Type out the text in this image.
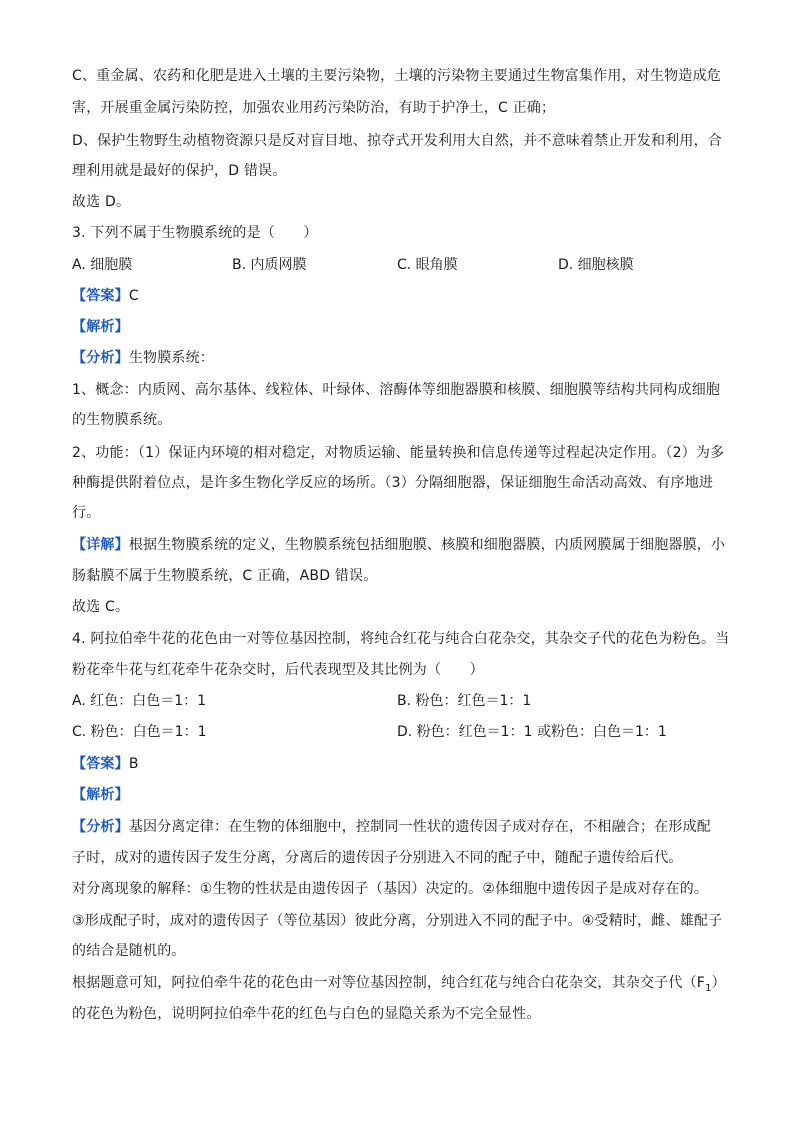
C、重金属、农药和化肥是进入土壤的主要污染物，土壤的污染物主要通过生物富集作用，对生物造成危
害，开展重金属污染防控，加强农业用药污染防治，有助于护净土，C 正确；
D、保护生物野生动植物资源只是反对盲目地、掠夺式开发利用大自然，并不意味着禁止开发和利用，合
理利用就是最好的保护，D 错误。
故选 D。
3. 下列不属于生物膜系统的是（　　）
A. 细胞膜	B. 内质网膜	C. 眼角膜	D. 细胞核膜
【答案】C
【解析】
【分析】生物膜系统：
1、概念：内质网、高尔基体、线粒体、叶绿体、溶酶体等细胞器膜和核膜、细胞膜等结构共同构成细胞
的生物膜系统。
2、功能：（1）保证内环境的相对稳定，对物质运输、能量转换和信息传递等过程起决定作用。（2）为多
种酶提供附着位点，是许多生物化学反应的场所。（3）分隔细胞器，保证细胞生命活动高效、有序地进
行。
【详解】根据生物膜系统的定义，生物膜系统包括细胞膜、核膜和细胞器膜，内质网膜属于细胞器膜，小
肠黏膜不属于生物膜系统，C 正确，ABD 错误。
故选 C。
4. 阿拉伯牵牛花的花色由一对等位基因控制，将纯合红花与纯合白花杂交，其杂交子代的花色为粉色。当
粉花牵牛花与红花牵牛花杂交时，后代表现型及其比例为（　　）
A. 红色：白色＝1：1	B. 粉色：红色＝1：1
C. 粉色：白色＝1：1	D. 粉色：红色＝1：1 或粉色：白色＝1：1
【答案】B
【解析】
【分析】基因分离定律：在生物的体细胞中，控制同一性状的遗传因子成对存在，不相融合；在形成配
子时，成对的遗传因子发生分离，分离后的遗传因子分别进入不同的配子中，随配子遗传给后代。
对分离现象的解释：①生物的性状是由遗传因子（基因）决定的。②体细胞中遗传因子是成对存在的。
③形成配子时，成对的遗传因子（等位基因）彼此分离，分别进入不同的配子中。④受精时，雌、雄配子
的结合是随机的。
根据题意可知，阿拉伯牵牛花的花色由一对等位基因控制，纯合红花与纯合白花杂交，其杂交子代$(F_1)$
的花色为粉色，说明阿拉伯牵牛花的红色与白色的显隐关系为不完全显性。
